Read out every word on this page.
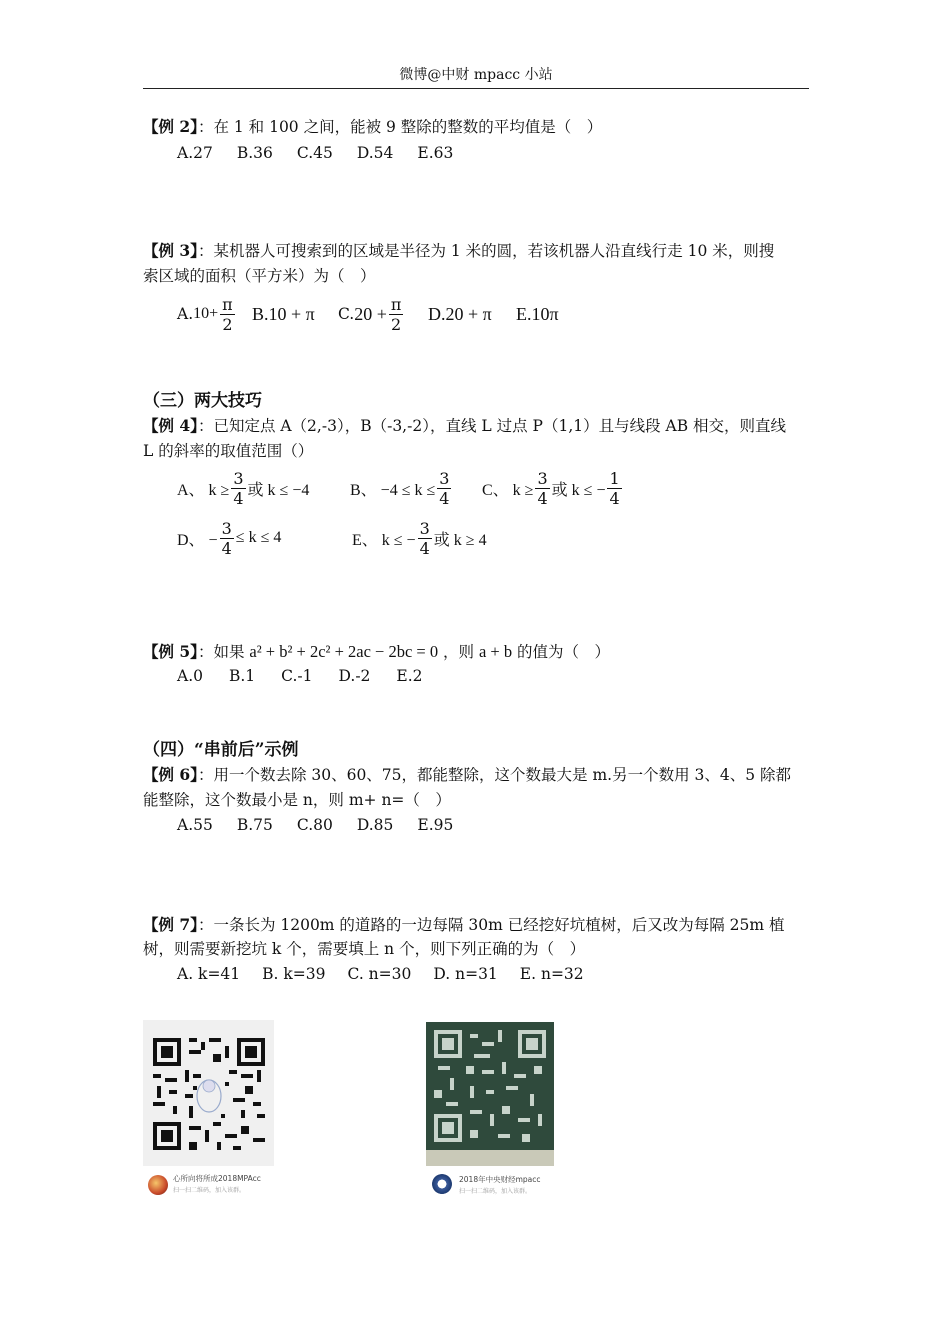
微博@中财 mpacc 小站
【例 2】：在 1 和 100 之间，能被 9 整除的整数的平均值是（　）
A.27 B.36 C.45 D.54 E.63
【例 3】：某机器人可搜索到的区域是半径为 1 米的圆，若该机器人沿直线行走 10 米，则搜
索区域的面积（平方米）为（　）
A. $10+ \frac{\pi}{2} B.10 + \pi$ C. $20 + \frac{\pi}{2} D.20 + \pi$ E.10π
（三）两大技巧
【例 4】：已知定点 A（2,-3），B（-3,-2），直线 L 过点 P（1,1）且与线段 AB 相交，则直线
L 的斜率的取值范围（）
A、 $k \ge \frac{3}{4}$ 或 k ≤ −4	B、 $-4 \le k \le \frac{3}{4}$ C、 $k \ge \frac{3}{4}$ 或 k ≤ − $\frac{1}{4}$
D、 − $\frac{3}{4} \le k \le 4$	E、 k ≤ − $\frac{3}{4}$ 或 k ≥ 4
【例 5】：如果 a² + b² + 2c² + 2ac − 2bc = 0 ，则 a + b 的值为（　）
A.0 B.1 C.-1 D.-2 E.2
（四）“串前后”示例
【例 6】：用一个数去除 30、60、75，都能整除，这个数最大是 m.另一个数用 3、4、5 除都
能整除，这个数最小是 n，则 m+ n=（　）
A.55 B.75 C.80 D.85 E.95
【例 7】：一条长为 1200m 的道路的一边每隔 30m 已经挖好坑植树，后又改为每隔 25m 植
树，则需要新挖坑 k 个，需要填上 n 个，则下列正确的为（　）
A. k=41 B. k=39 C. n=30 D. n=31 E. n=32
心所向将所成2018MPAcc
扫一扫二维码，加入该群。
2018年中央财经mpacc
扫一扫二维码，加入该群。
